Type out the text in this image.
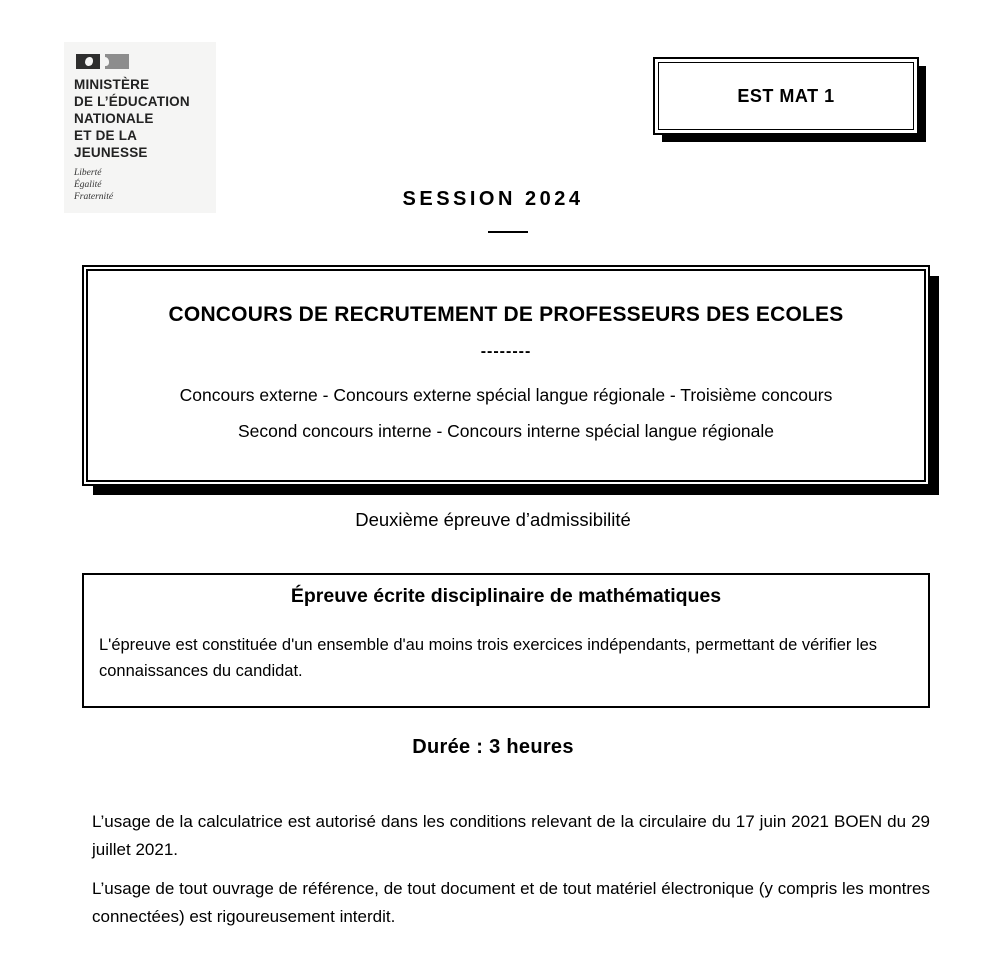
MINISTÈRE
DE L’ÉDUCATION
NATIONALE
ET DE LA JEUNESSE
Liberté
Égalité
Fraternité
EST MAT 1
SESSION 2024
CONCOURS DE RECRUTEMENT DE PROFESSEURS DES ECOLES
--------
Concours externe - Concours externe spécial langue régionale - Troisième concours
Second concours interne - Concours interne spécial langue régionale
Deuxième épreuve d’admissibilité
Épreuve écrite disciplinaire de mathématiques
L'épreuve est constituée d'un ensemble d'au moins trois exercices indépendants, permettant de vérifier les connaissances du candidat.
Durée : 3 heures
L’usage de la calculatrice est autorisé dans les conditions relevant de la circulaire du 17 juin 2021 BOEN du 29 juillet 2021.
L’usage de tout ouvrage de référence, de tout document et de tout matériel électronique (y compris les montres connectées) est rigoureusement interdit.
